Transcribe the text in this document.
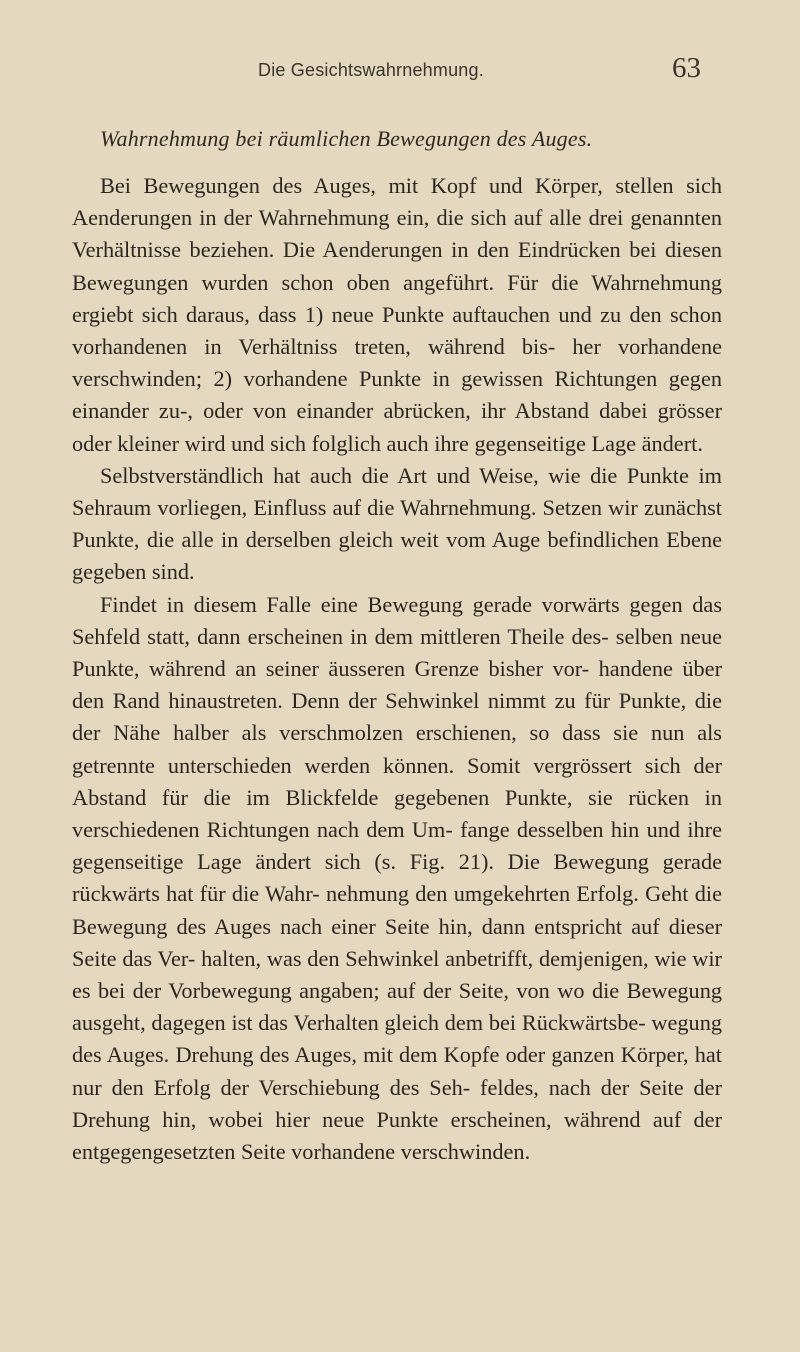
Die Gesichtswahrnehmung.	63
Wahrnehmung bei räumlichen Bewegungen des Auges.

Bei Bewegungen des Auges, mit Kopf und Körper, stellen sich Aenderungen in der Wahrnehmung ein, die sich auf alle drei genannten Verhältnisse beziehen. Die Aenderungen in den Eindrücken bei diesen Bewegungen wurden schon oben angeführt. Für die Wahrnehmung ergiebt sich daraus, dass 1) neue Punkte auftauchen und zu den schon vorhandenen in Verhältniss treten, während bis- her vorhandene verschwinden; 2) vorhandene Punkte in gewissen Richtungen gegen einander zu-, oder von einander abrücken, ihr Abstand dabei grösser oder kleiner wird und sich folglich auch ihre gegenseitige Lage ändert.

Selbstverständlich hat auch die Art und Weise, wie die Punkte im Sehraum vorliegen, Einfluss auf die Wahrnehmung. Setzen wir zunächst Punkte, die alle in derselben gleich weit vom Auge befindlichen Ebene gegeben sind.

Findet in diesem Falle eine Bewegung gerade vorwärts gegen das Sehfeld statt, dann erscheinen in dem mittleren Theile des- selben neue Punkte, während an seiner äusseren Grenze bisher vor- handene über den Rand hinaustreten. Denn der Sehwinkel nimmt zu für Punkte, die der Nähe halber als verschmolzen erschienen, so dass sie nun als getrennte unterschieden werden können. Somit vergrössert sich der Abstand für die im Blickfelde gegebenen Punkte, sie rücken in verschiedenen Richtungen nach dem Um- fange desselben hin und ihre gegenseitige Lage ändert sich (s. Fig. 21). Die Bewegung gerade rückwärts hat für die Wahr- nehmung den umgekehrten Erfolg. Geht die Bewegung des Auges nach einer Seite hin, dann entspricht auf dieser Seite das Ver- halten, was den Sehwinkel anbetrifft, demjenigen, wie wir es bei der Vorbewegung angaben; auf der Seite, von wo die Bewegung ausgeht, dagegen ist das Verhalten gleich dem bei Rückwärtsbe- wegung des Auges. Drehung des Auges, mit dem Kopfe oder ganzen Körper, hat nur den Erfolg der Verschiebung des Seh- feldes, nach der Seite der Drehung hin, wobei hier neue Punkte erscheinen, während auf der entgegengesetzten Seite vorhandene verschwinden.
